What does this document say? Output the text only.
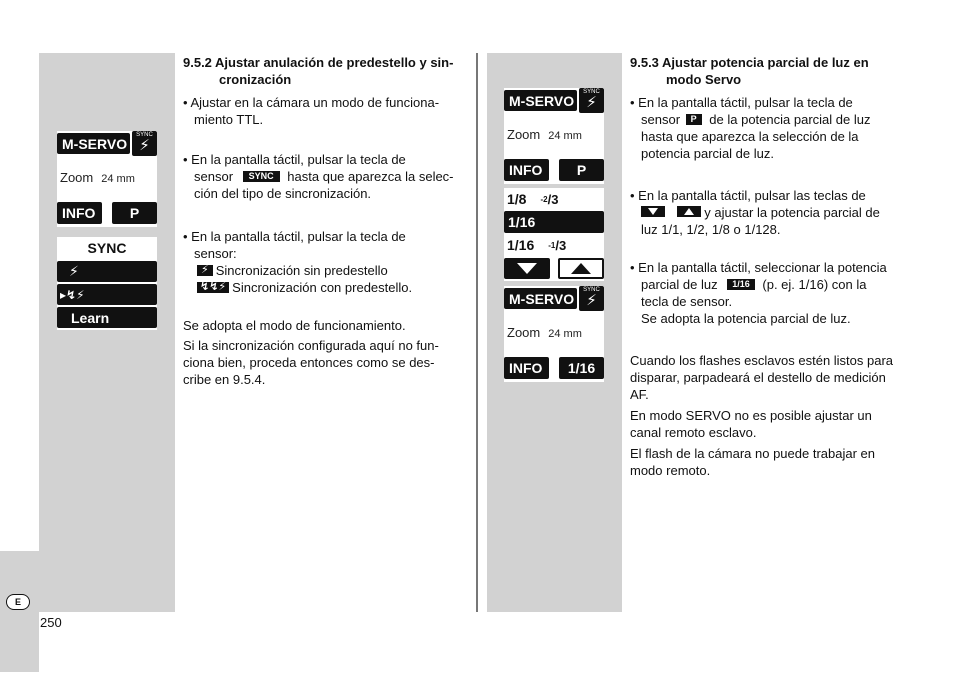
E
250
M-SERVO
SYNC
⚡
Zoom 24 mm
INFO	P
SYNC
⚡
▸↯⚡
Learn
9.5.2 Ajustar anulación de predestello y sin-
cronización
• Ajustar en la cámara un modo de funciona-
miento TTL.
• En la pantalla táctil, pulsar la tecla de
sensor SYNC hasta que aparezca la selec-
ción del tipo de sincronización.
• En la pantalla táctil, pulsar la tecla de
sensor:
⚡ Sincronización sin predestello
↯↯⚡ Sincronización con predestello.
Se adopta el modo de funcionamiento.
Si la sincronización configurada aquí no fun-
ciona bien, proceda entonces como se des-
cribe en 9.5.4.
M-SERVO
SYNC
⚡
Zoom 24 mm
INFO	P
1/8 -2 /3
1/16
1/16 -1 /3
M-SERVO
SYNC
⚡
Zoom 24 mm
INFO	1/16
9.5.3 Ajustar potencia parcial de luz en
modo Servo
• En la pantalla táctil, pulsar la tecla de
sensor P de la potencia parcial de luz
hasta que aparezca la selección de la
potencia parcial de luz.
• En la pantalla táctil, pulsar las teclas de

y ajustar la potencia parcial de
luz 1/1, 1/2, 1/8 o 1/128.
• En la pantalla táctil, seleccionar la potencia
parcial de luz 1/16 (p. ej. 1/16) con la
tecla de sensor.
Se adopta la potencia parcial de luz.
Cuando los flashes esclavos estén listos para
disparar, parpadeará el destello de medición
AF.
En modo SERVO no es posible ajustar un
canal remoto esclavo.
El flash de la cámara no puede trabajar en
modo remoto.
